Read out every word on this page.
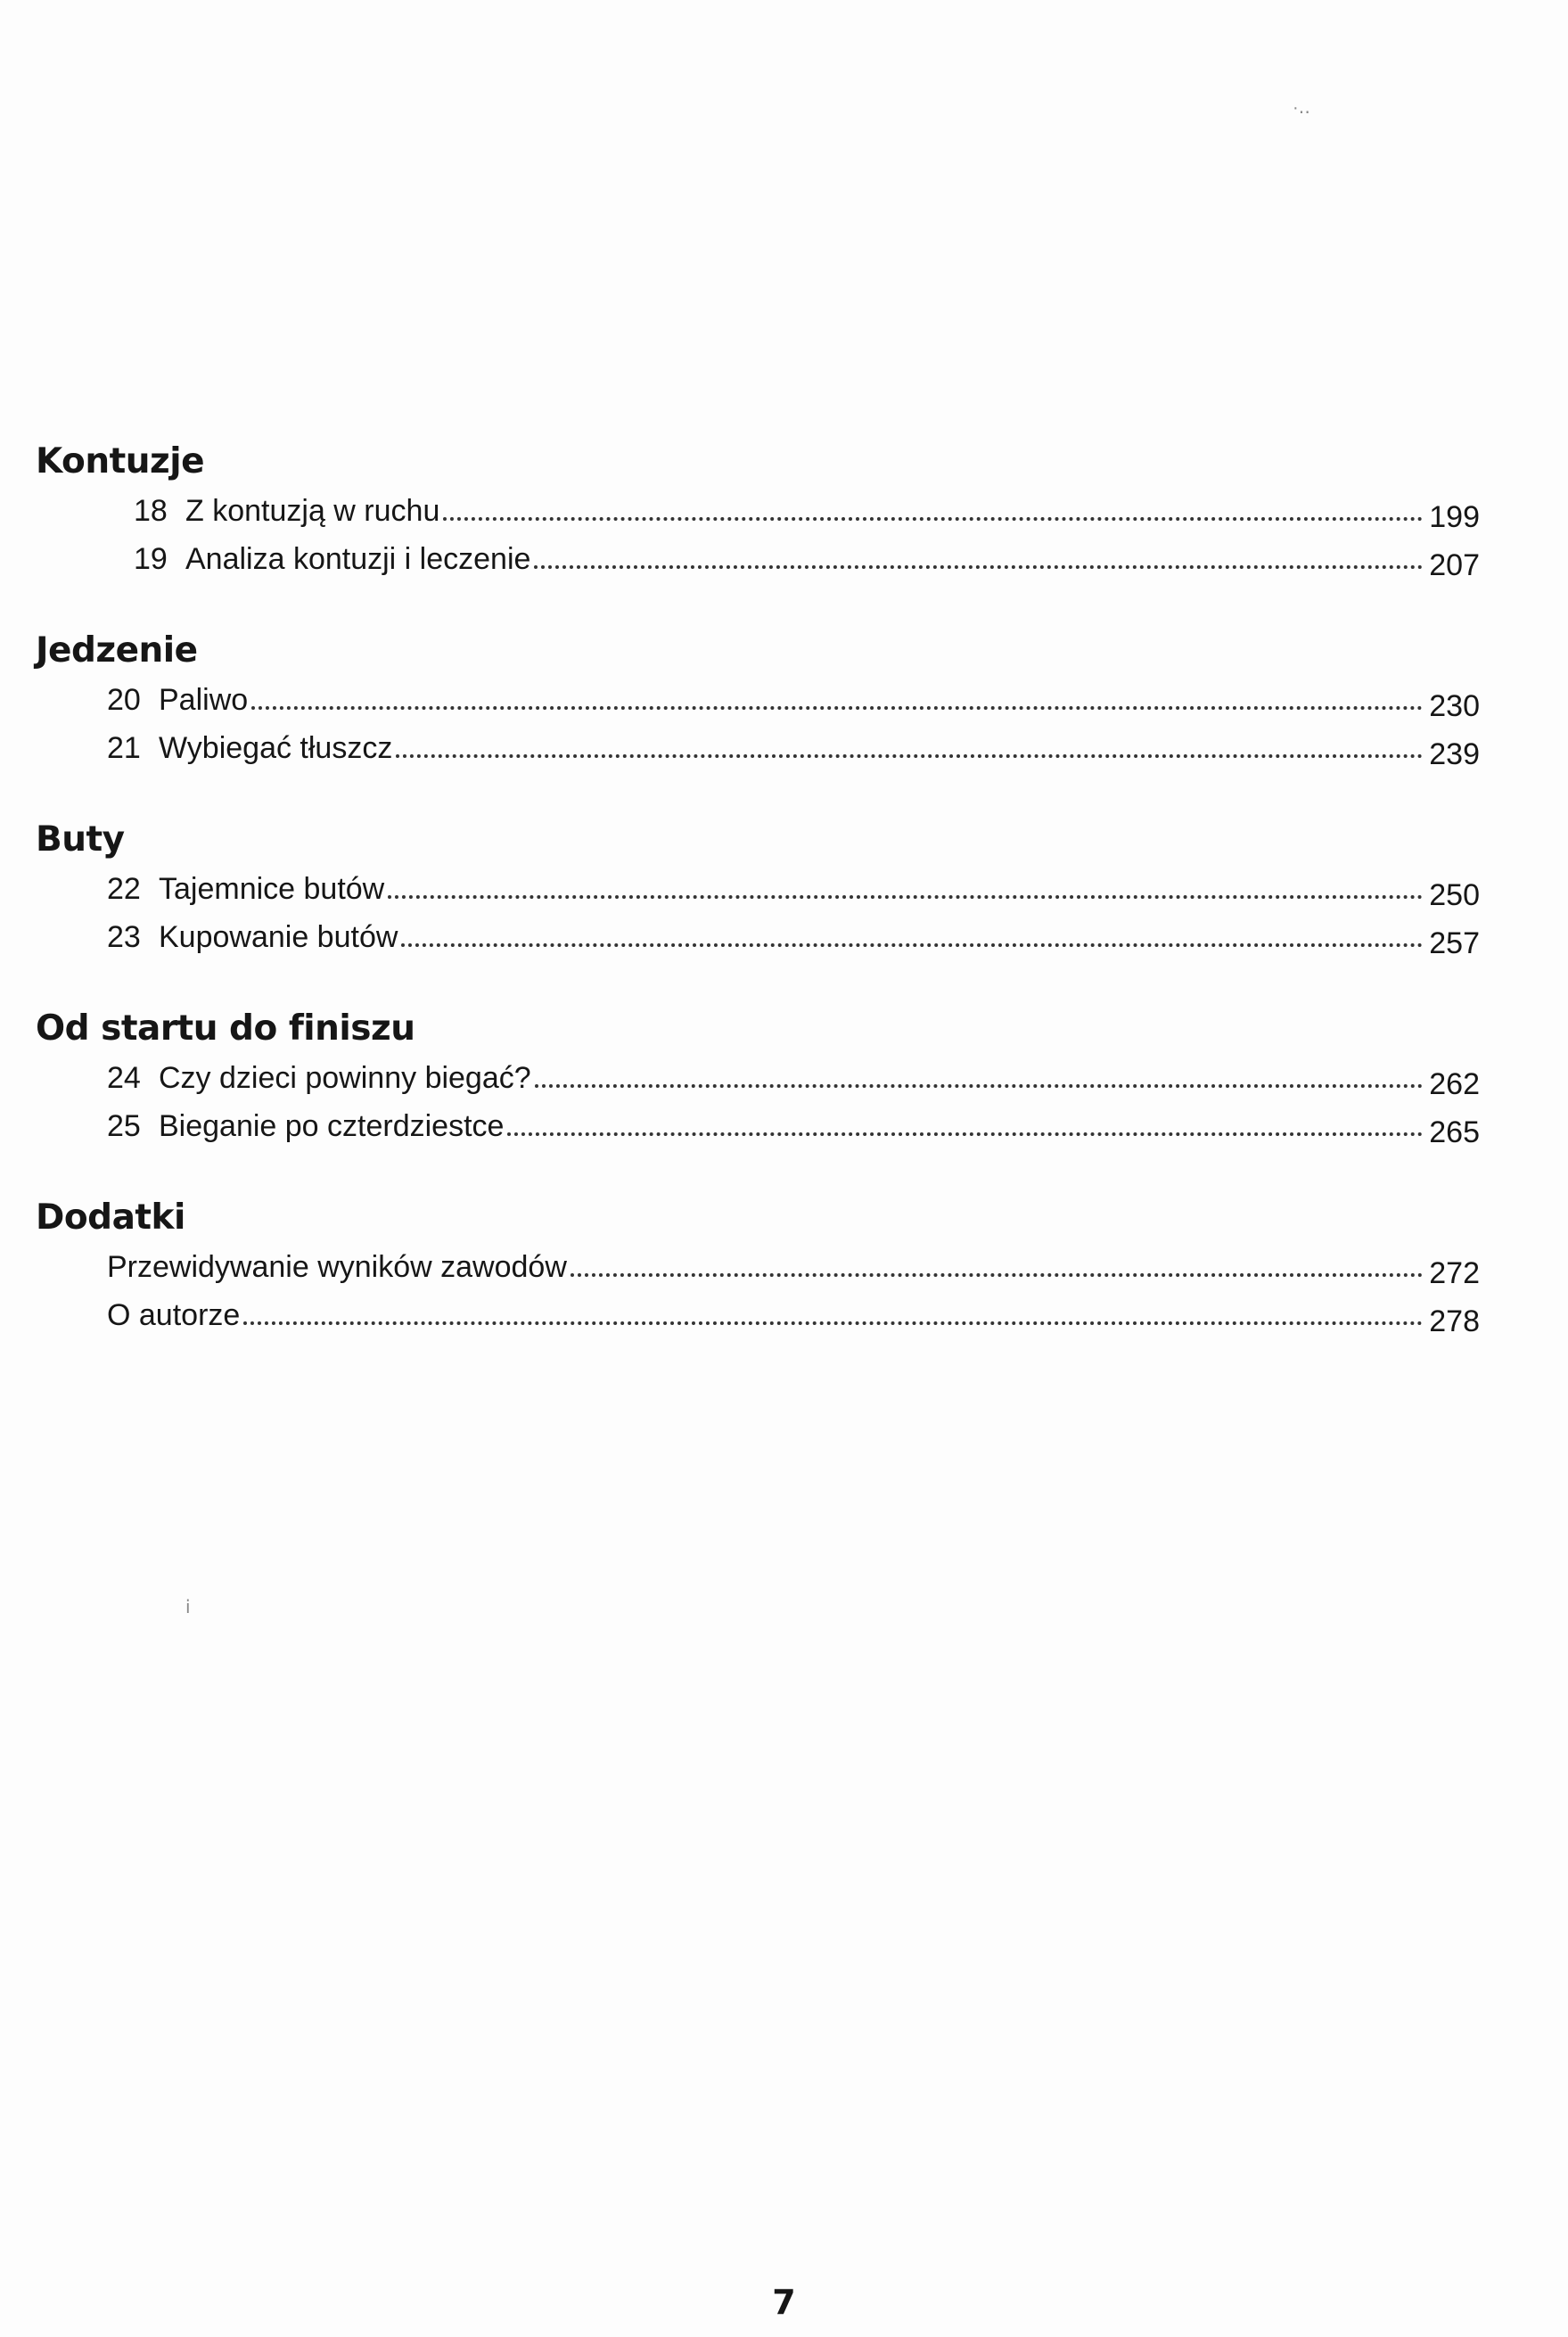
Kontuzje
18 Z kontuzją w ruchu	199
19 Analiza kontuzji i leczenie	207
Jedzenie
20 Paliwo	230
21 Wybiegać tłuszcz	239
Buty
22 Tajemnice butów	250
23 Kupowanie butów	257
Od startu do finiszu
24 Czy dzieci powinny biegać?	262
25 Bieganie po czterdziestce	265
Dodatki
Przewidywanie wyników zawodów	272
O autorze	278
·‥
ⅰ
7
